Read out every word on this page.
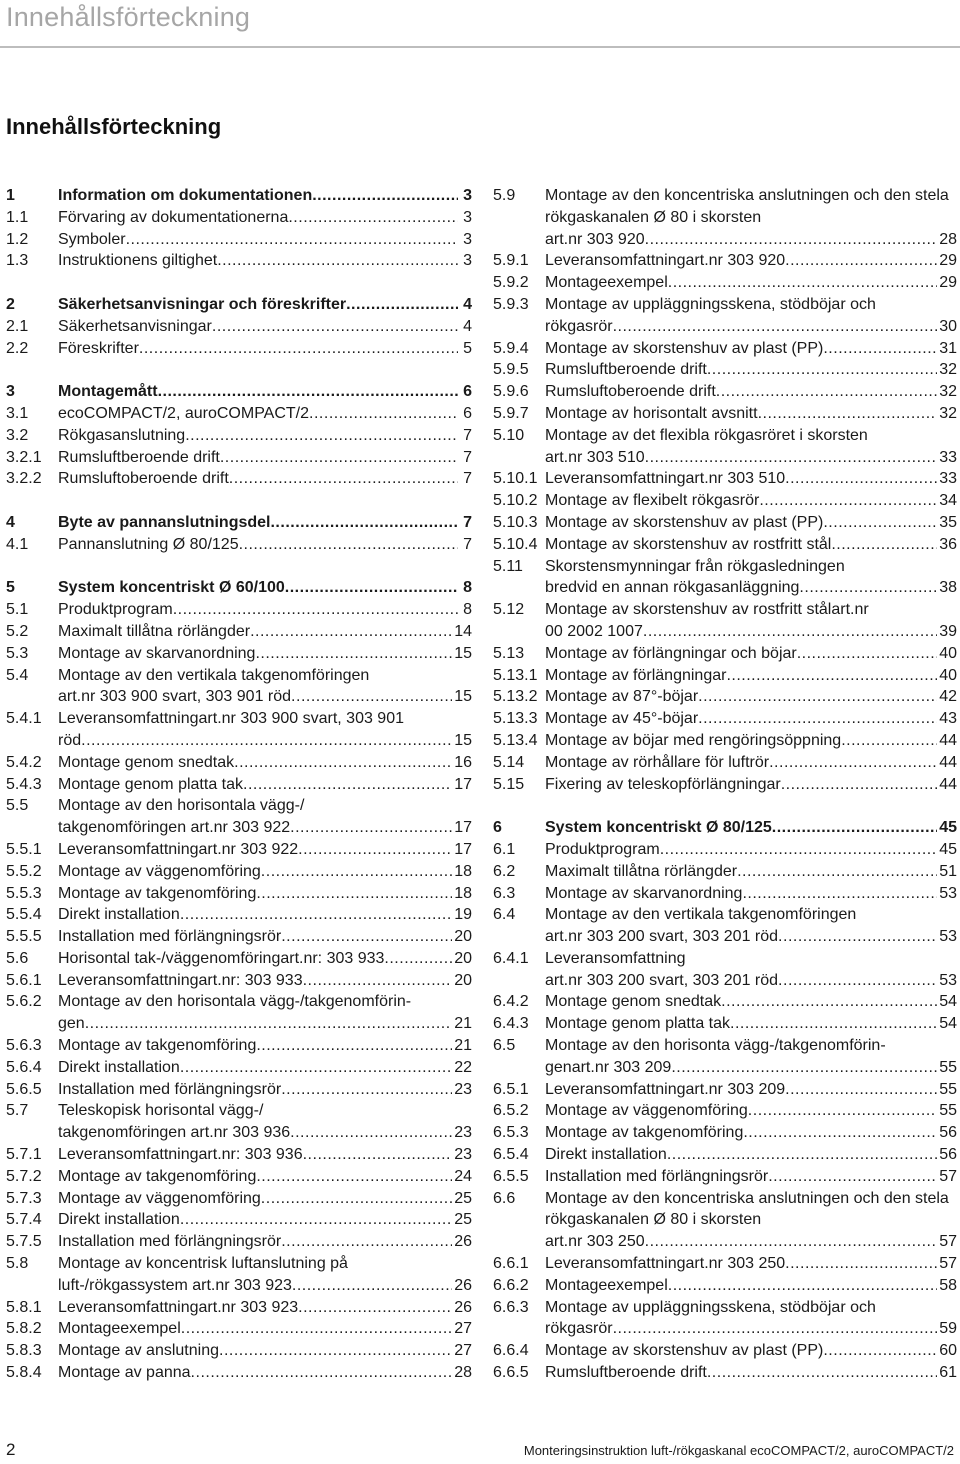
Innehållsförteckning
Innehållsförteckning
1	Information om dokumentationen .....	3
1.1	Förvaring av dokumentationerna .....	3
1.2	Symboler .....	3
1.3	Instruktionens giltighet .....	3
2	Säkerhetsanvisningar och föreskrifter .....	4
2.1	Säkerhetsanvisningar .....	4
2.2	Föreskrifter .....	5
3	Montagemått .....	6
3.1	ecoCOMPACT/2, auroCOMPACT/2 .....	6
3.2	Rökgasanslutning .....	7
3.2.1	Rumsluftberoende drift .....	7
3.2.2	Rumsluftoberoende drift .....	7
4	Byte av pannanslutningsdel .....	7
4.1	Pannanslutning Ø 80/125 .....	7
5	System koncentriskt Ø 60/100 .....	8
5.1	Produktprogram .....	8
5.2	Maximalt tillåtna rörlängder .....	14
5.3	Montage av skarvanordning .....	15
5.4	Montage av den vertikala takgenomföringen
art.nr 303 900 svart, 303 901 röd .....	15
5.4.1	Leveransomfattningart.nr 303 900 svart, 303 901
röd .....	15
5.4.2	Montage genom snedtak .....	16
5.4.3	Montage genom platta tak .....	17
5.5	Montage av den horisontala vägg-/
takgenomföringen art.nr 303 922 .....	17
5.5.1	Leveransomfattningart.nr 303 922 .....	17
5.5.2	Montage av väggenomföring .....	18
5.5.3	Montage av takgenomföring .....	18
5.5.4	Direkt installation .....	19
5.5.5	Installation med förlängningsrör .....	20
5.6	Horisontal tak-/väggenomföringart.nr: 303 933 .....	20
5.6.1	Leveransomfattningart.nr: 303 933 .....	20
5.6.2	Montage av den horisontala vägg-/takgenomförin-
gen .....	21
5.6.3	Montage av takgenomföring .....	21
5.6.4	Direkt installation .....	22
5.6.5	Installation med förlängningsrör .....	23
5.7	Teleskopisk horisontal vägg-/
takgenomföringen art.nr 303 936 .....	23
5.7.1	Leveransomfattningart.nr: 303 936 .....	23
5.7.2	Montage av takgenomföring .....	24
5.7.3	Montage av väggenomföring .....	25
5.7.4	Direkt installation .....	25
5.7.5	Installation med förlängningsrör .....	26
5.8	Montage av koncentrisk luftanslutning på
luft-/rökgassystem art.nr 303 923 .....	26
5.8.1	Leveransomfattningart.nr 303 923 .....	26
5.8.2	Montageexempel .....	27
5.8.3	Montage av anslutning .....	27
5.8.4	Montage av panna .....	28
5.9	Montage av den koncentriska anslutningen och den stela rökgaskanalen Ø 80 i skorsten
art.nr 303 920 .....	28
5.9.1	Leveransomfattningart.nr 303 920 .....	29
5.9.2	Montageexempel .....	29
5.9.3	Montage av uppläggningsskena, stödböjar och
rökgasrör .....	30
5.9.4	Montage av skorstenshuv av plast (PP) .....	31
5.9.5	Rumsluftberoende drift .....	32
5.9.6	Rumsluftoberoende drift .....	32
5.9.7	Montage av horisontalt avsnitt .....	32
5.10	Montage av det flexibla rökgasröret i skorsten
art.nr 303 510 .....	33
5.10.1 Leveransomfattningart.nr 303 510 .....	33
5.10.2 Montage av flexibelt rökgasrör .....	34
5.10.3 Montage av skorstenshuv av plast (PP) .....	35
5.10.4 Montage av skorstenshuv av rostfritt stål .....	36
5.11	Skorstensmynningar från rökgasledningen
bredvid en annan rökgasanläggning .....	38
5.12	Montage av skorstenshuv av rostfritt stålart.nr
00 2002 1007 .....	39
5.13	Montage av förlängningar och böjar .....	40
5.13.1 Montage av förlängningar .....	40
5.13.2 Montage av 87°-böjar .....	42
5.13.3 Montage av 45°-böjar .....	43
5.13.4 Montage av böjar med rengöringsöppning .....	44
5.14	Montage av rörhållare för luftrör .....	44
5.15	Fixering av teleskopförlängningar .....	44
6	System koncentriskt Ø 80/125 .....	45
6.1	Produktprogram .....	45
6.2	Maximalt tillåtna rörlängder .....	51
6.3	Montage av skarvanordning .....	53
6.4	Montage av den vertikala takgenomföringen
art.nr 303 200 svart, 303 201 röd .....	53
6.4.1	Leveransomfattning
art.nr 303 200 svart, 303 201 röd .....	53
6.4.2	Montage genom snedtak .....	54
6.4.3	Montage genom platta tak .....	54
6.5	Montage av den horisonta vägg-/takgenomförin-
genart.nr 303 209 .....	55
6.5.1	Leveransomfattningart.nr 303 209 .....	55
6.5.2	Montage av väggenomföring .....	55
6.5.3	Montage av takgenomföring .....	56
6.5.4	Direkt installation .....	56
6.5.5	Installation med förlängningsrör .....	57
6.6	Montage av den koncentriska anslutningen och den stela rökgaskanalen Ø 80 i skorsten
art.nr 303 250 .....	57
6.6.1	Leveransomfattningart.nr 303 250 .....	57
6.6.2	Montageexempel .....	58
6.6.3	Montage av uppläggningsskena, stödböjar och
rökgasrör .....	59
6.6.4	Montage av skorstenshuv av plast (PP) .....	60
6.6.5	Rumsluftberoende drift .....	61
2	Monteringsinstruktion luft-/rökgaskanal ecoCOMPACT/2, auroCOMPACT/2
